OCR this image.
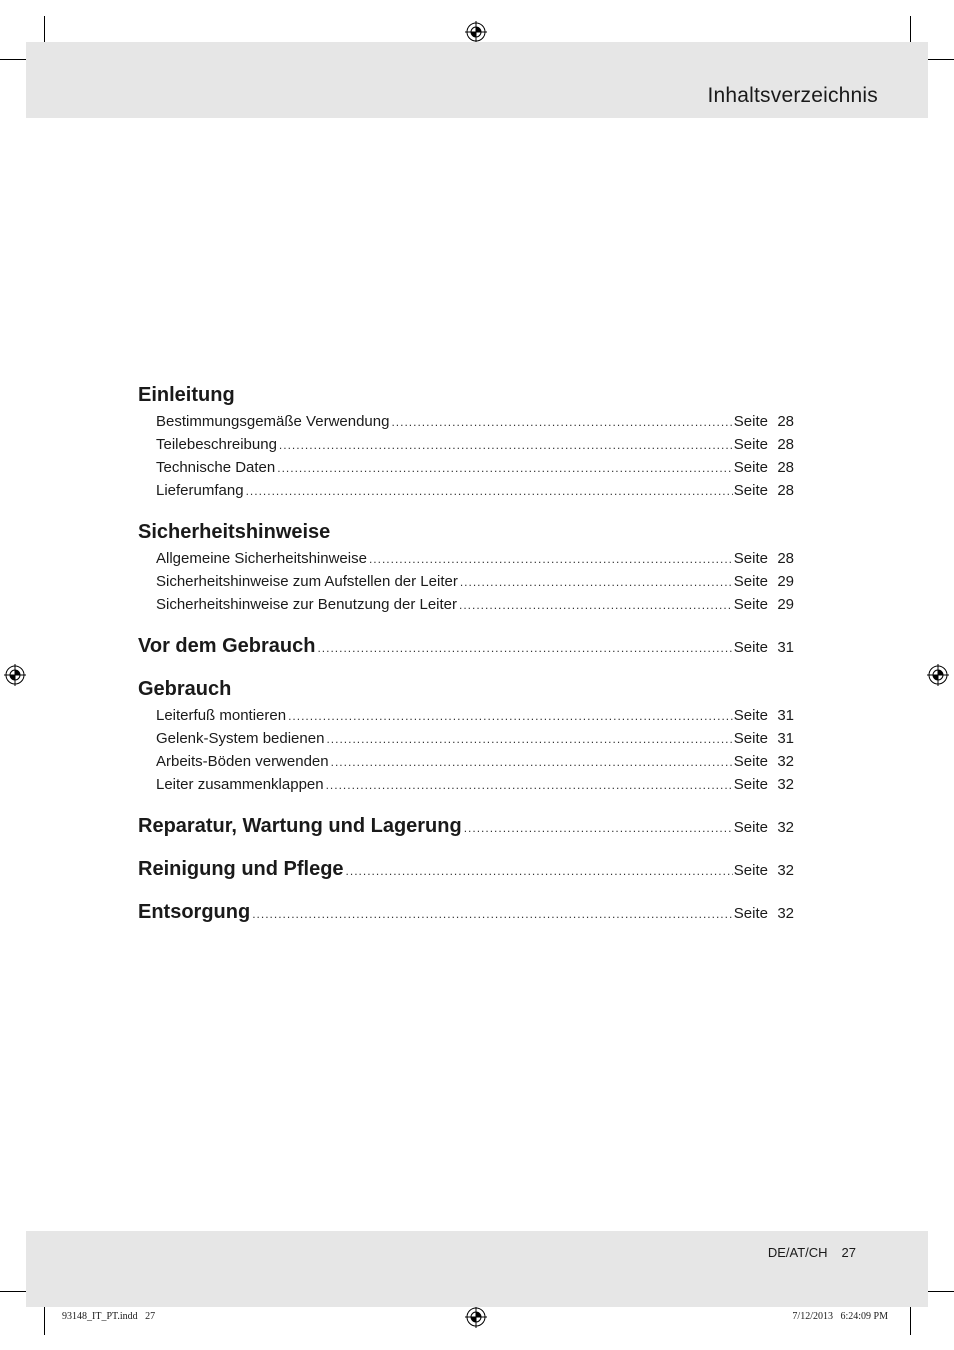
Inhaltsverzeichnis
Einleitung
Bestimmungsgemäße Verwendung .....	Seite 28
Teilebeschreibung .....	Seite 28
Technische Daten .....	Seite 28
Lieferumfang .....	Seite 28
Sicherheitshinweise
Allgemeine Sicherheitshinweise .....	Seite 28
Sicherheitshinweise zum Aufstellen der Leiter .....	Seite 29
Sicherheitshinweise zur Benutzung der Leiter .....	Seite 29
Vor dem Gebrauch .....	Seite 31
Gebrauch
Leiterfuß montieren .....	Seite 31
Gelenk-System bedienen .....	Seite 31
Arbeits-Böden verwenden .....	Seite 32
Leiter zusammenklappen .....	Seite 32
Reparatur, Wartung und Lagerung .....	Seite 32
Reinigung und Pflege .....	Seite 32
Entsorgung .....	Seite 32
DE/AT/CH 27
93148_IT_PT.indd   27	7/12/2013   6:24:09 PM
